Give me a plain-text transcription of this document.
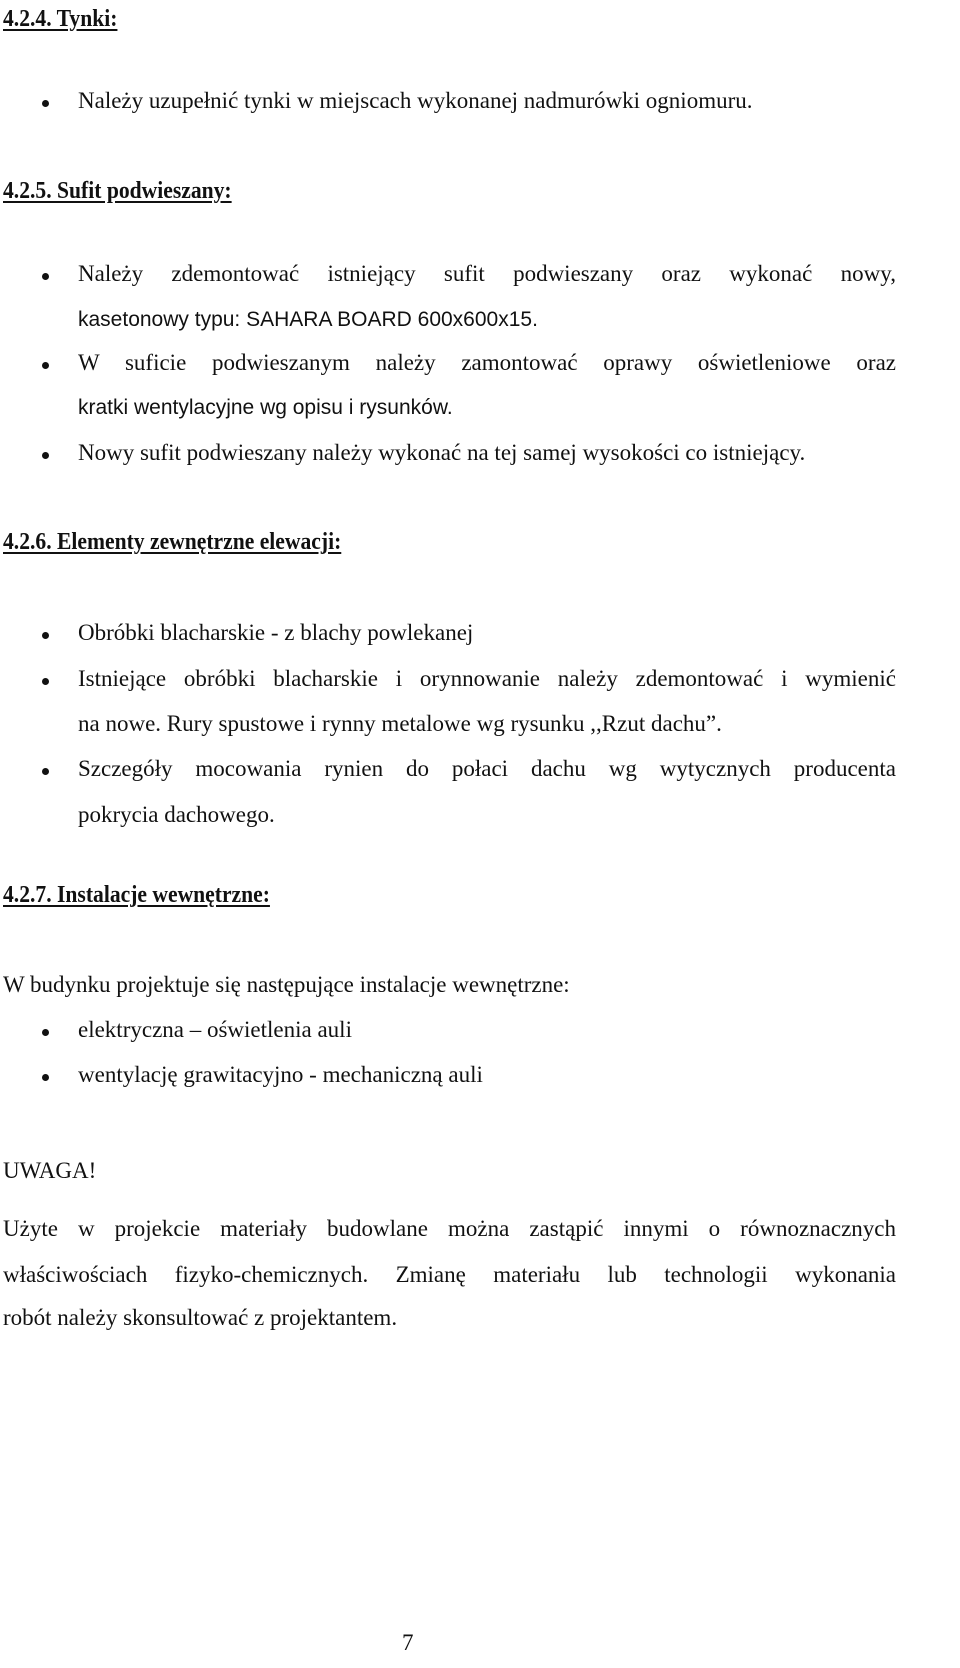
4.2.4. Tynki:
Należy uzupełnić tynki w miejscach wykonanej nadmurówki ogniomuru.
4.2.5. Sufit podwieszany:
Należy zdemontować istniejący sufit podwieszany oraz wykonać nowy,
kasetonowy typu: SAHARA BOARD 600x600x15.
W suficie podwieszanym należy zamontować oprawy oświetleniowe oraz
kratki wentylacyjne wg opisu i rysunków.
Nowy sufit podwieszany należy wykonać na tej samej wysokości co istniejący.
4.2.6. Elementy zewnętrzne elewacji:
Obróbki blacharskie - z blachy powlekanej
Istniejące obróbki blacharskie i orynnowanie należy zdemontować i wymienić
na nowe. Rury spustowe i rynny metalowe wg rysunku ,,Rzut dachu”.
Szczegóły mocowania rynien do połaci dachu wg wytycznych producenta
pokrycia dachowego.
4.2.7. Instalacje wewnętrzne:
W budynku projektuje się następujące instalacje wewnętrzne:
elektryczna – oświetlenia auli
wentylację grawitacyjno - mechaniczną auli
UWAGA!
Użyte w projekcie materiały budowlane można zastąpić innymi o równoznacznych
właściwościach fizyko-chemicznych. Zmianę materiału lub technologii wykonania
robót należy skonsultować z projektantem.
7
